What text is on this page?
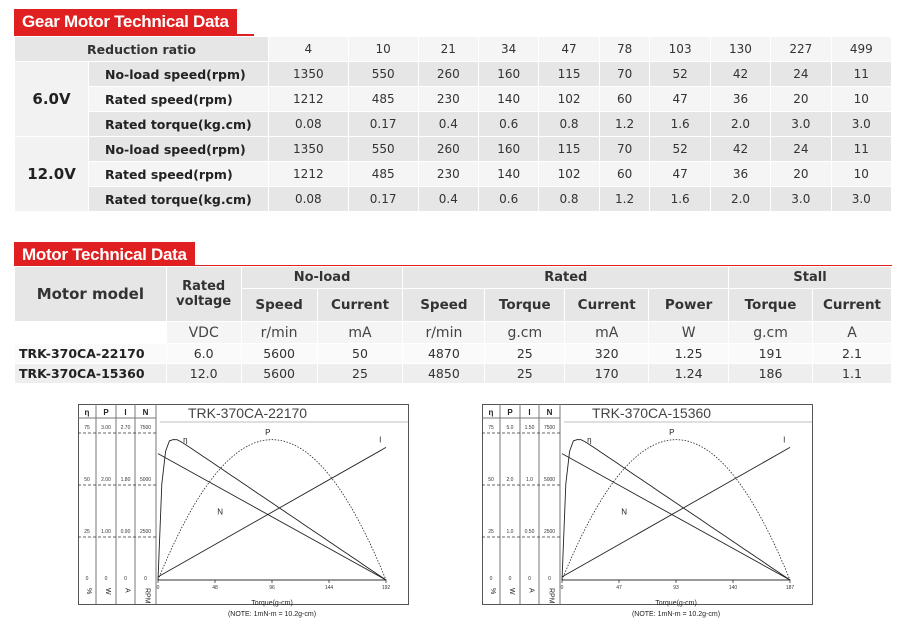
Gear Motor Technical Data
Reduction ratio		4	10	21	34	47	78	103	130	227	499
6.0V	No-load speed(rpm)	1350	550	260	160	115	70	52	42	24	11
	Rated speed(rpm)	1212	485	230	140	102	60	47	36	20	10
	Rated torque(kg.cm)	0.08	0.17	0.4	0.6	0.8	1.2	1.6	2.0	3.0	3.0
12.0V	No-load speed(rpm)	1350	550	260	160	115	70	52	42	24	11
	Rated speed(rpm)	1212	485	230	140	102	60	47	36	20	10
	Rated torque(kg.cm)	0.08	0.17	0.4	0.6	0.8	1.2	1.6	2.0	3.0	3.0
Motor Technical Data
Motor model	Rated voltage	No-load		Rated				Stall	
		Speed	Current	Speed	Torque	Current	Power	Torque	Current
	VDC	r/min	mA	r/min	g.cm	mA	W	g.cm	A
TRK-370CA-22170	6.0	5600	50	4870	25	320	1.25	191	2.1
TRK-370CA-15360	12.0	5600	25	4850	25	170	1.24	186	1.1
η P I N
75 3.00 2.70 7500
50 2.00 1.80 5000
25 1.00 0.90 2500
0	0	0	0
% W A RPM
TRK-370CA-22170
0	48	96	144	192
Torque(g-cm)
(NOTE: 1mN-m = 10.2g-cm)
η
P
I
N
η P I N
75	5.0 1.50 7500
50	2.0	1.0 5000
25	1.0 0.50 2500
0	0	0	0
% W A RPM
TRK-370CA-15360
0	47	93	140	187
Torque(g-cm)
(NOTE: 1mN-m = 10.2g-cm)
η
P
I
N
